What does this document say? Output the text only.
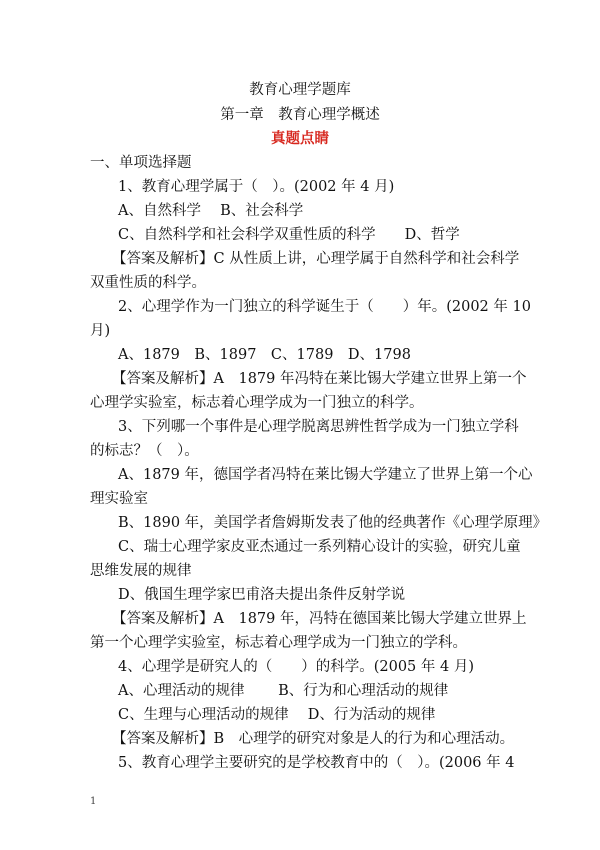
教育心理学题库
第一章　教育心理学概述
真题点睛
一、单项选择题
1、教育心理学属于（　）。(2002 年 4 月)
A、自然科学　 B、社会科学
C、自然科学和社会科学双重性质的科学　　D、哲学
【答案及解析】C 从性质上讲，心理学属于自然科学和社会科学
双重性质的科学。
2、心理学作为一门独立的科学诞生于（　　）年。(2002 年 10
月)
A、1879　B、1897　C、1789　D、1798
【答案及解析】A　1879 年冯特在莱比锡大学建立世界上第一个
心理学实验室，标志着心理学成为一门独立的科学。
3、下列哪一个事件是心理学脱离思辨性哲学成为一门独立学科
的标志？（　）。
A、1879 年，德国学者冯特在莱比锡大学建立了世界上第一个心
理实验室
B、1890 年，美国学者詹姆斯发表了他的经典著作《心理学原理》
C、瑞士心理学家皮亚杰通过一系列精心设计的实验，研究儿童
思维发展的规律
D、俄国生理学家巴甫洛夫提出条件反射学说
【答案及解析】A　1879 年，冯特在德国莱比锡大学建立世界上
第一个心理学实验室，标志着心理学成为一门独立的学科。
4、心理学是研究人的（　　）的科学。(2005 年 4 月)
A、心理活动的规律　　 B、行为和心理活动的规律
C、生理与心理活动的规律　 D、行为活动的规律
【答案及解析】B　心理学的研究对象是人的行为和心理活动。
5、教育心理学主要研究的是学校教育中的（　）。(2006 年 4
1
